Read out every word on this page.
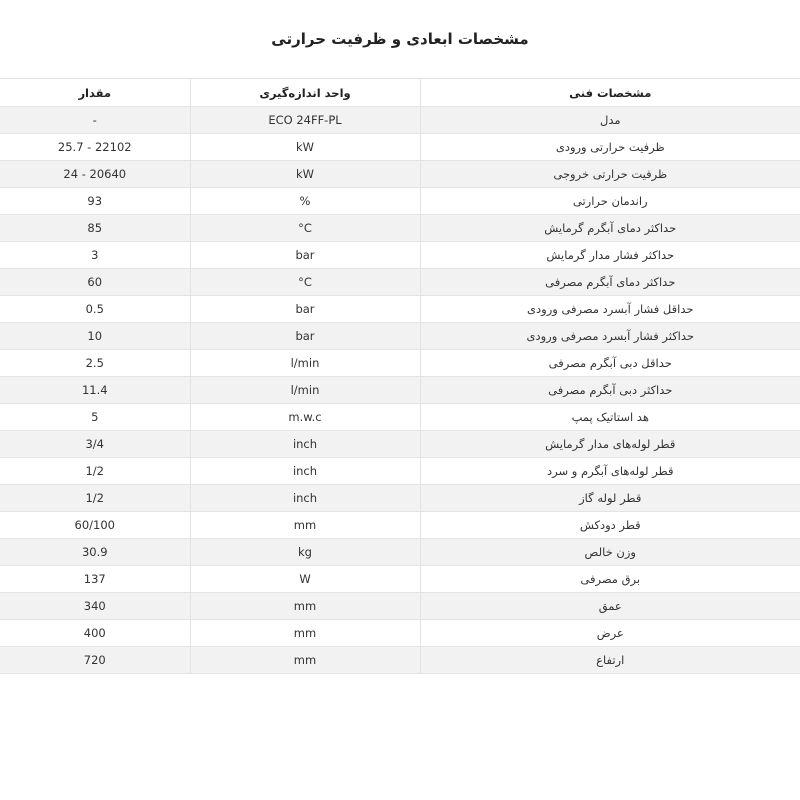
مشخصات ابعادی و ظرفیت حرارتی
مقدار	واحد اندازه‌گیری	مشخصات فنی
-	ECO 24FF-PL	مدل
25.7 - 22102	kW	ظرفیت حرارتی ورودی
24 - 20640	kW	ظرفیت حرارتی خروجی
93	%	راندمان حرارتی
85	°C	حداکثر دمای آبگرم گرمایش
3	bar	حداکثر فشار مدار گرمایش
60	°C	حداکثر دمای آبگرم مصرفی
0.5	bar	حداقل فشار آبسرد مصرفی ورودی
10	bar	حداکثر فشار آبسرد مصرفی ورودی
2.5	l/min	حداقل دبی آبگرم مصرفی
11.4	l/min	حداکثر دبی آبگرم مصرفی
5	m.w.c	هد استاتیک پمپ
3/4	inch	قطر لوله‌های مدار گرمایش
1/2	inch	قطر لوله‌های آبگرم و سرد
1/2	inch	قطر لوله گاز
60/100	mm	قطر دودکش
30.9	kg	وزن خالص
137	W	برق مصرفی
340	mm	عمق
400	mm	عرض
720	mm	ارتفاع
